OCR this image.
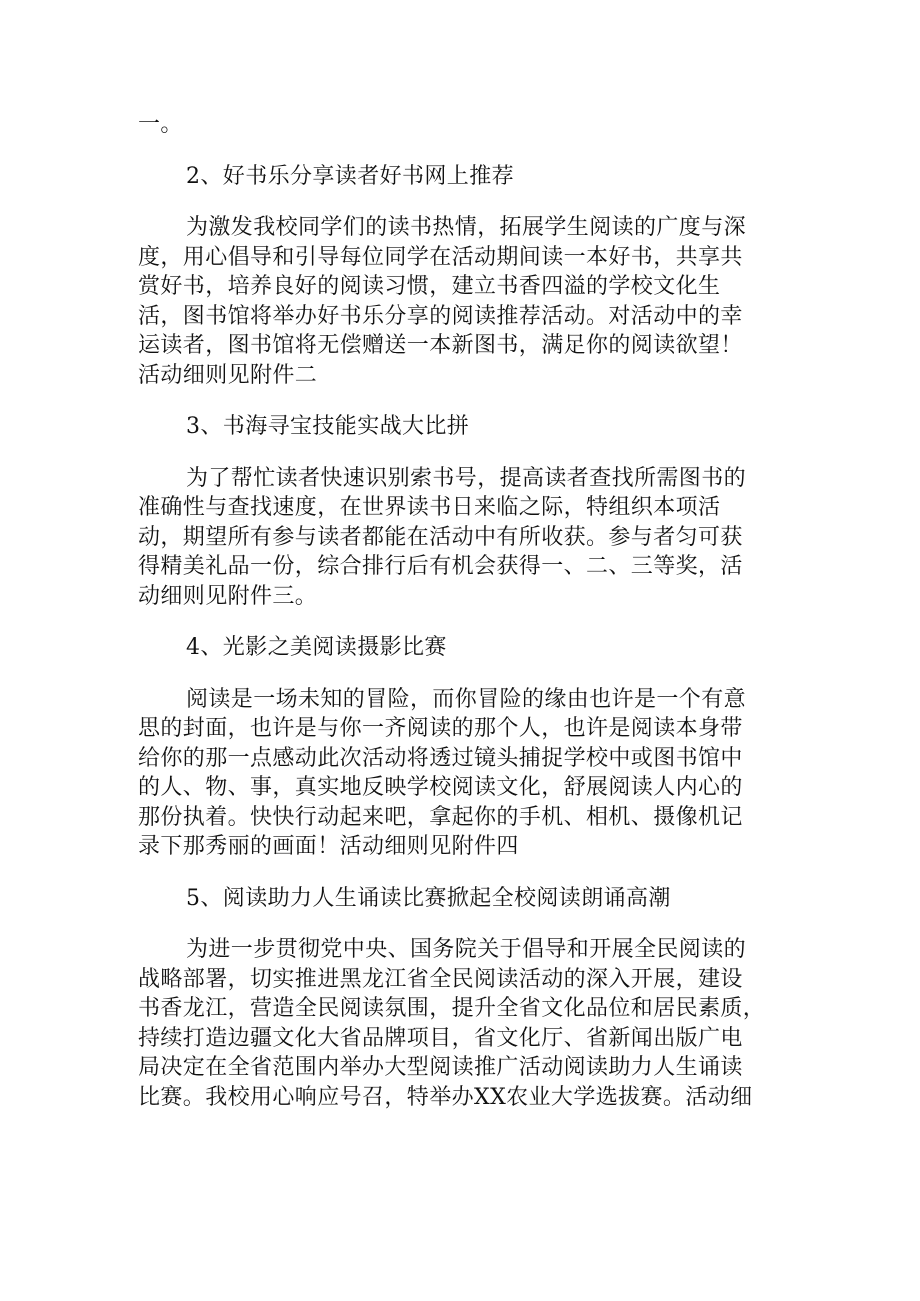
一。
2、好书乐分享读者好书网上推荐
为激发我校同学们的读书热情，拓展学生阅读的广度与深
度，用心倡导和引导每位同学在活动期间读一本好书，共享共
赏好书，培养良好的阅读习惯，建立书香四溢的学校文化生
活，图书馆将举办好书乐分享的阅读推荐活动。对活动中的幸
运读者，图书馆将无偿赠送一本新图书，满足你的阅读欲望！
活动细则见附件二
3、书海寻宝技能实战大比拼
为了帮忙读者快速识别索书号，提高读者查找所需图书的
准确性与查找速度，在世界读书日来临之际，特组织本项活
动，期望所有参与读者都能在活动中有所收获。参与者匀可获
得精美礼品一份，综合排行后有机会获得一、二、三等奖，活
动细则见附件三。
4、光影之美阅读摄影比赛
阅读是一场未知的冒险，而你冒险的缘由也许是一个有意
思的封面，也许是与你一齐阅读的那个人，也许是阅读本身带
给你的那一点感动此次活动将透过镜头捕捉学校中或图书馆中
的人、物、事，真实地反映学校阅读文化，舒展阅读人内心的
那份执着。快快行动起来吧，拿起你的手机、相机、摄像机记
录下那秀丽的画面！活动细则见附件四
5、阅读助力人生诵读比赛掀起全校阅读朗诵高潮
为进一步贯彻党中央、国务院关于倡导和开展全民阅读的
战略部署，切实推进黑龙江省全民阅读活动的深入开展，建设
书香龙江，营造全民阅读氛围，提升全省文化品位和居民素质，
持续打造边疆文化大省品牌项目，省文化厅、省新闻出版广电
局决定在全省范围内举办大型阅读推广活动阅读助力人生诵读
比赛。我校用心响应号召，特举办XX农业大学选拔赛。活动细
